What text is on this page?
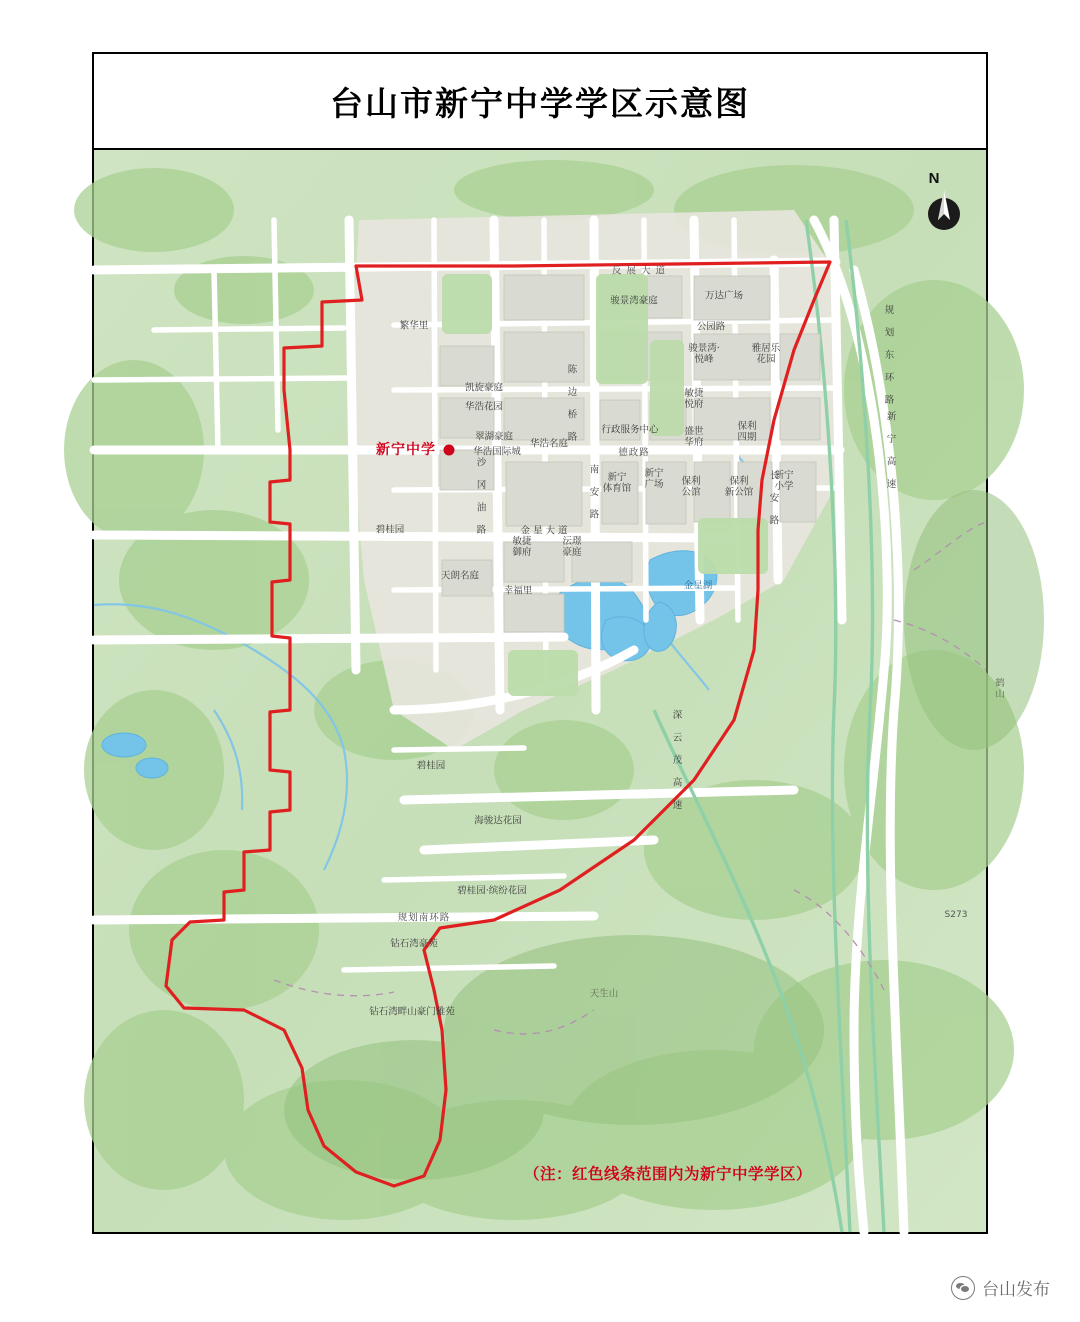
台山市新宁中学学区示意图
反 展 大 道
骏景湾豪庭	万达广场
公园路
骏景湾·
悦峰
雅居乐
花园
繁华里
凯旋豪庭
华浩花园
翠湖豪庭
华浩国际城
华浩名庭
陈 边 桥 路	行政服务中心
敏捷
悦府
盛世
华府
保利
四期
德政路
新宁
体育馆
新宁
广场 保利
公馆
保利
新公馆
新宁
小学
长 安 路
南 安 路
金 星 大 道
碧桂园	沙 冈 油 路
敏捷
御府
沄璟
豪庭
天朗名庭
幸福里	金星湖
鹤山
碧桂园
海骏达花园
碧桂园·缤纷花园
规划南环路
钻石湾豪苑
钻石湾畔山豪门雅苑
天生山
规 划 东 环 路
新 宁 高 速
深 云 茂 高 速
S273
新宁中学
N
（注：红色线条范围内为新宁中学学区）
台山发布
